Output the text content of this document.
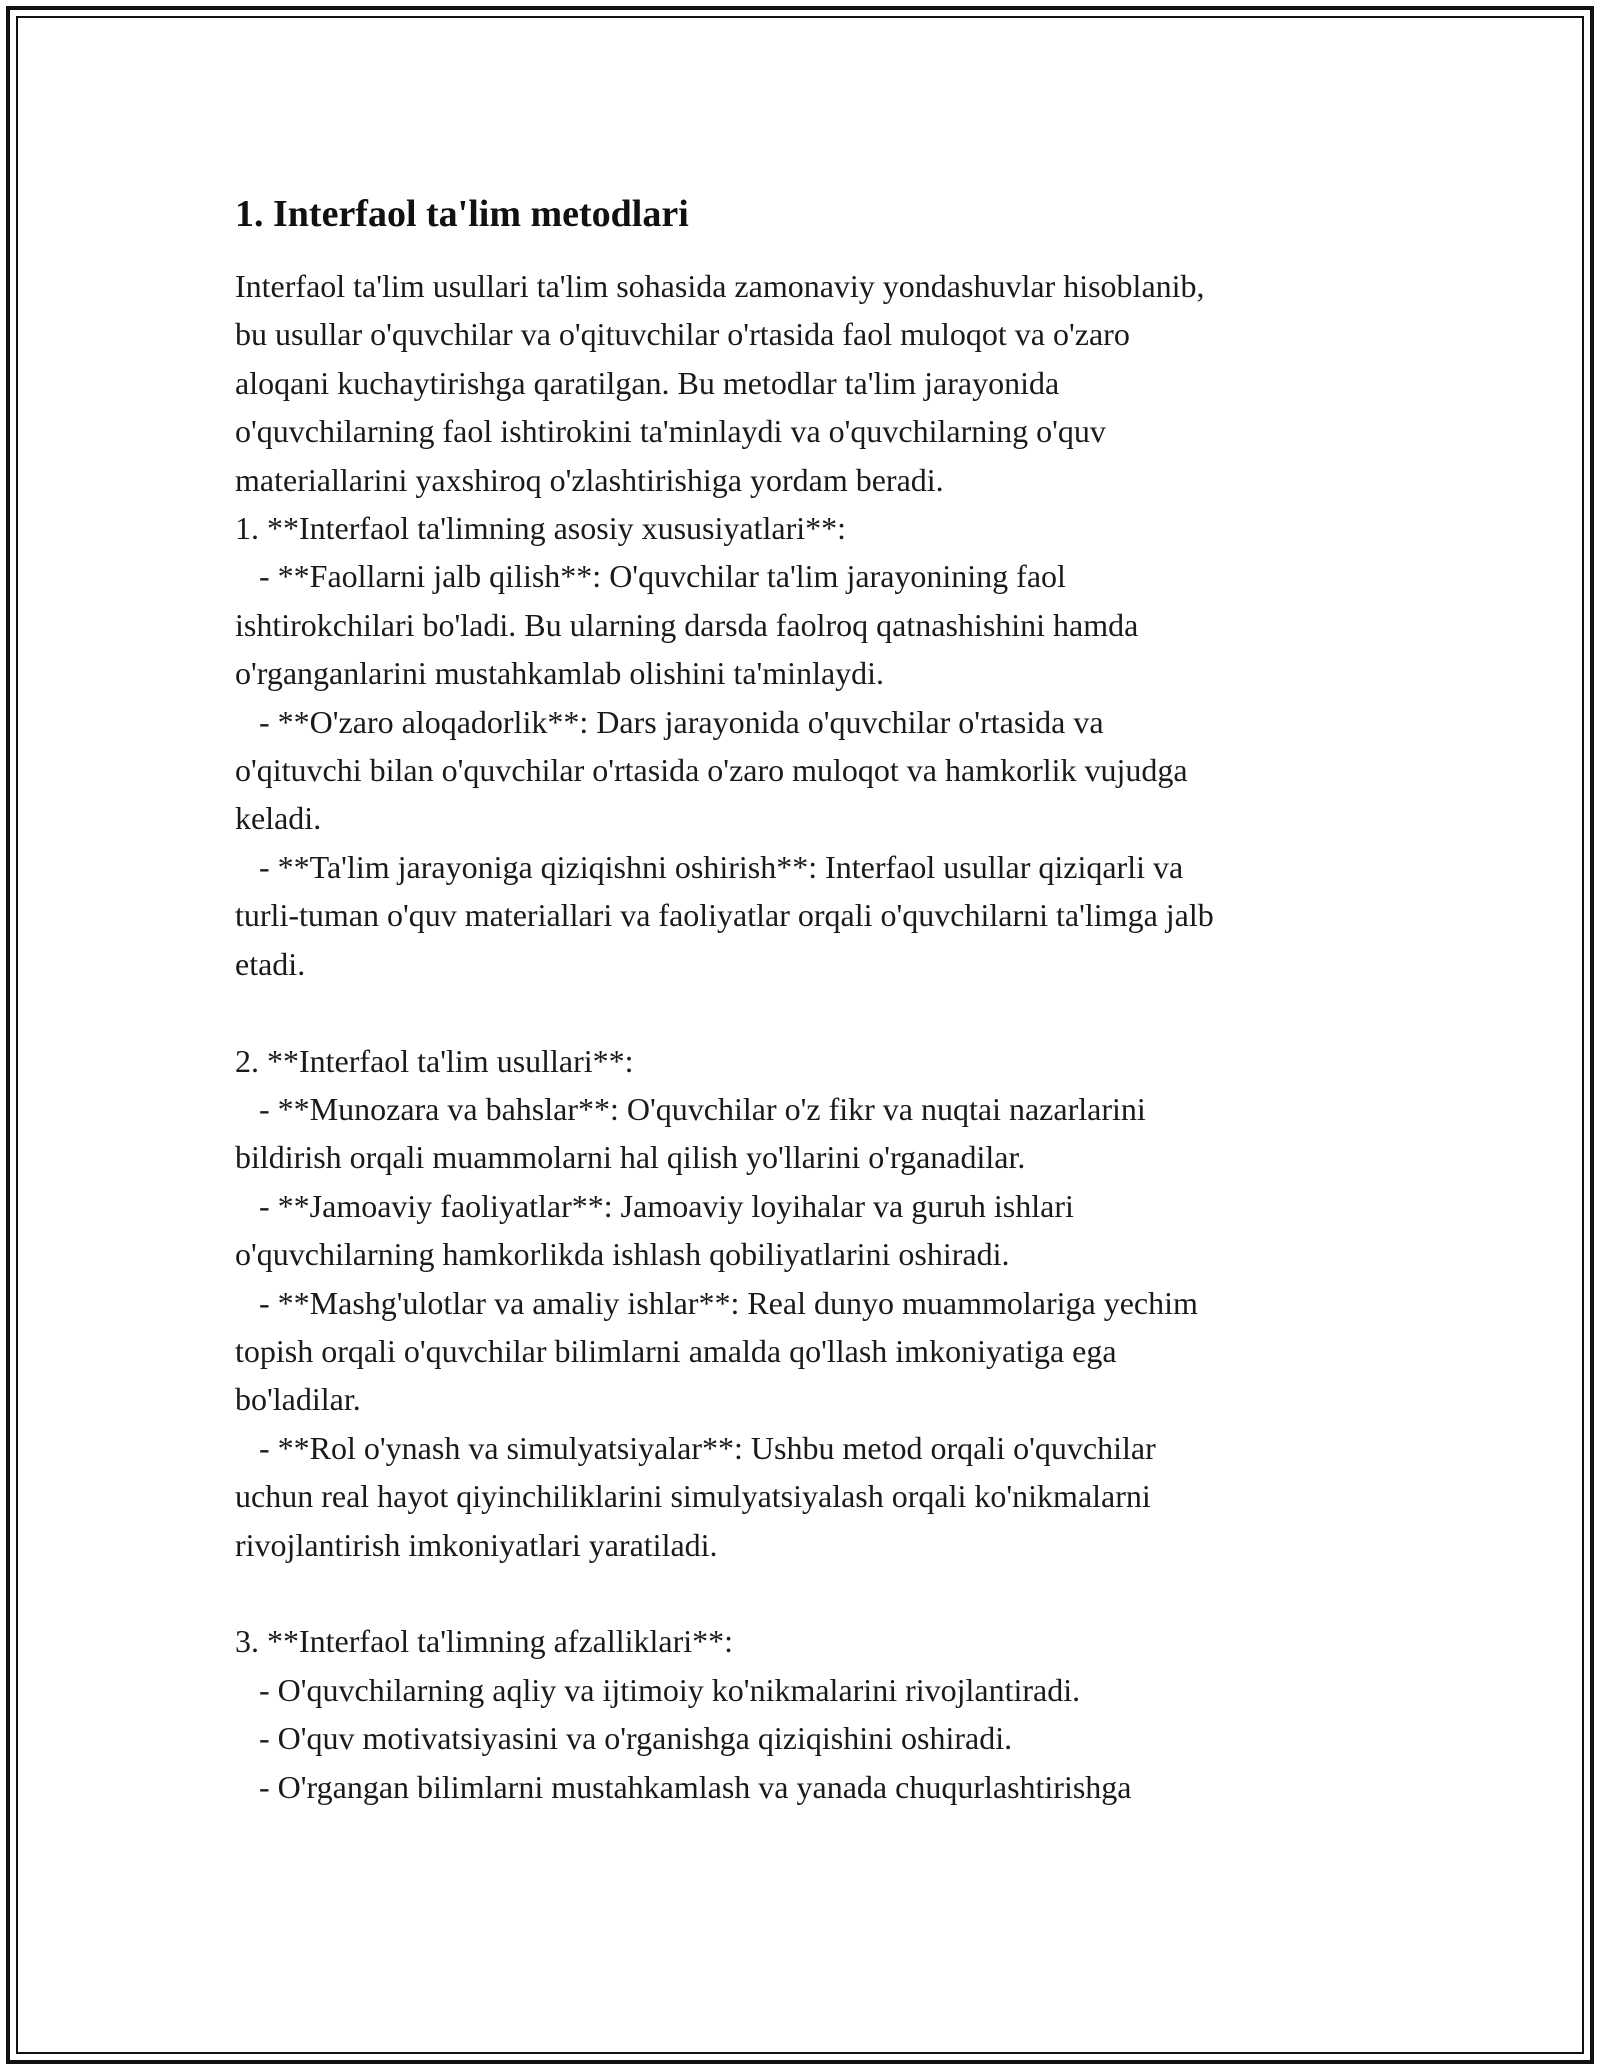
1. Interfaol ta'lim metodlari

Interfaol ta'lim usullari ta'lim sohasida zamonaviy yondashuvlar hisoblanib,
bu usullar o'quvchilar va o'qituvchilar o'rtasida faol muloqot va o'zaro
aloqani kuchaytirishga qaratilgan. Bu metodlar ta'lim jarayonida
o'quvchilarning faol ishtirokini ta'minlaydi va o'quvchilarning o'quv
materiallarini yaxshiroq o'zlashtirishiga yordam beradi.

1. **Interfaol ta'limning asosiy xususiyatlari**:
- **Faollarni jalb qilish**: O'quvchilar ta'lim jarayonining faol
ishtirokchilari bo'ladi. Bu ularning darsda faolroq qatnashishini hamda
o'rganganlarini mustahkamlab olishini ta'minlaydi.
- **O'zaro aloqadorlik**: Dars jarayonida o'quvchilar o'rtasida va
o'qituvchi bilan o'quvchilar o'rtasida o'zaro muloqot va hamkorlik vujudga
keladi.
- **Ta'lim jarayoniga qiziqishni oshirish**: Interfaol usullar qiziqarli va
turli-tuman o'quv materiallari va faoliyatlar orqali o'quvchilarni ta'limga jalb
etadi.

2. **Interfaol ta'lim usullari**:
- **Munozara va bahslar**: O'quvchilar o'z fikr va nuqtai nazarlarini
bildirish orqali muammolarni hal qilish yo'llarini o'rganadilar.
- **Jamoaviy faoliyatlar**: Jamoaviy loyihalar va guruh ishlari
o'quvchilarning hamkorlikda ishlash qobiliyatlarini oshiradi.
- **Mashg'ulotlar va amaliy ishlar**: Real dunyo muammolariga yechim
topish orqali o'quvchilar bilimlarni amalda qo'llash imkoniyatiga ega
bo'ladilar.
- **Rol o'ynash va simulyatsiyalar**: Ushbu metod orqali o'quvchilar
uchun real hayot qiyinchiliklarini simulyatsiyalash orqali ko'nikmalarni
rivojlantirish imkoniyatlari yaratiladi.

3. **Interfaol ta'limning afzalliklari**:
- O'quvchilarning aqliy va ijtimoiy ko'nikmalarini rivojlantiradi.
- O'quv motivatsiyasini va o'rganishga qiziqishini oshiradi.
- O'rgangan bilimlarni mustahkamlash va yanada chuqurlashtirishga
